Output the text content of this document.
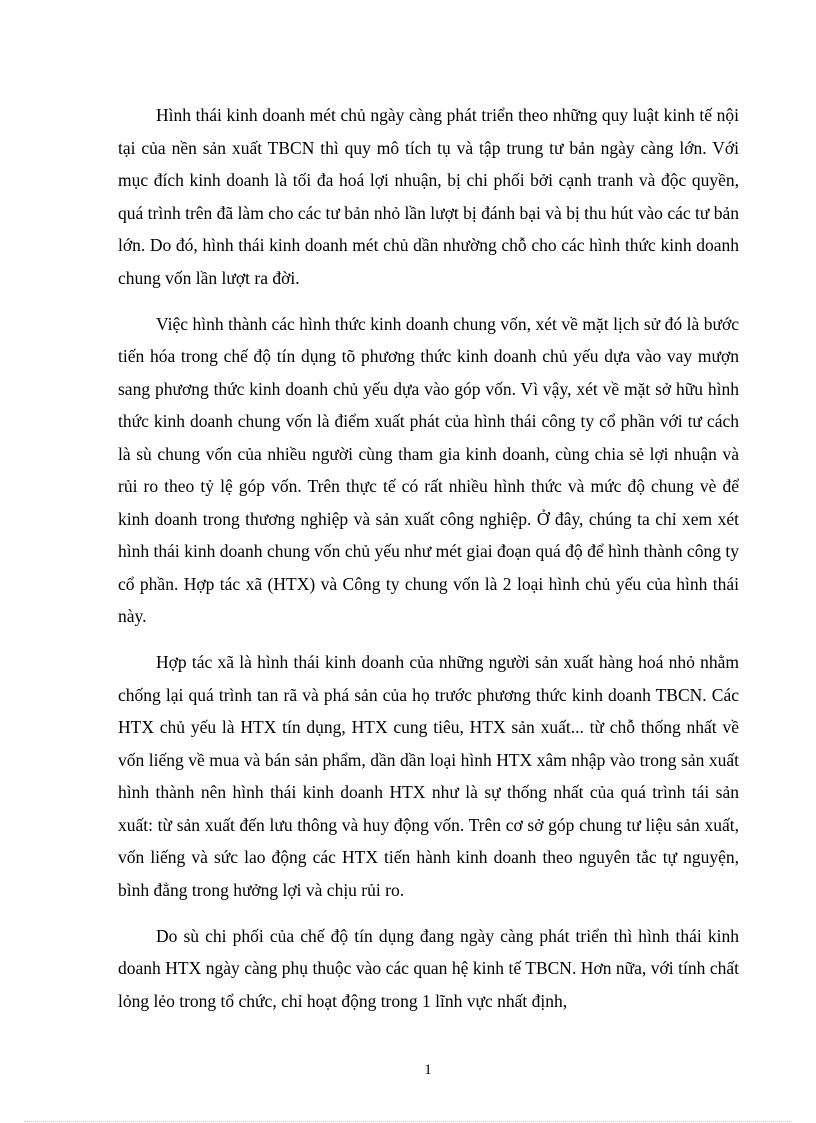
Hình thái kinh doanh mét chủ ngày càng phát triển theo những quy luật kinh tế nội tại của nền sản xuất TBCN thì quy mô tích tụ và tập trung tư bản ngày càng lớn. Với mục đích kinh doanh là tối đa hoá lợi nhuận, bị chi phối bởi cạnh tranh và độc quyền, quá trình trên đã làm cho các tư bản nhỏ lần lượt bị đánh bại và bị thu hút vào các tư bản lớn. Do đó, hình thái kinh doanh mét chủ dần nhường chỗ cho các hình thức kinh doanh chung vốn lần lượt ra đời.

Việc hình thành các hình thức kinh doanh chung vốn, xét về mặt lịch sử đó là bước tiến hóa trong chế độ tín dụng tõ phương thức kinh doanh chủ yếu dựa vào vay mượn sang phương thức kinh doanh chủ yếu dựa vào góp vốn. Vì vậy, xét về mặt sở hữu hình thức kinh doanh chung vốn là điểm xuất phát của hình thái công ty cổ phần với tư cách là sù chung vốn của nhiều người cùng tham gia kinh doanh, cùng chia sẻ lợi nhuận và rủi ro theo tỷ lệ góp vốn. Trên thực tế có rất nhiều hình thức và mức độ chung vè để kinh doanh trong thương nghiệp và sản xuất công nghiệp. Ở đây, chúng ta chỉ xem xét hình thái kinh doanh chung vốn chủ yếu như mét giai đoạn quá độ để hình thành công ty cổ phần. Hợp tác xã (HTX) và Công ty chung vốn là 2 loại hình chủ yếu của hình thái này.

Hợp tác xã là hình thái kinh doanh của những người sản xuất hàng hoá nhỏ nhằm chống lại quá trình tan rã và phá sản của họ trước phương thức kinh doanh TBCN. Các HTX chủ yếu là HTX tín dụng, HTX cung tiêu, HTX sản xuất... từ chỗ thống nhất về vốn liếng về mua và bán sản phẩm, dần dần loại hình HTX xâm nhập vào trong sản xuất hình thành nên hình thái kinh doanh HTX như là sự thống nhất của quá trình tái sản xuất: từ sản xuất đến lưu thông và huy động vốn. Trên cơ sở góp chung tư liệu sản xuất, vốn liếng và sức lao động các HTX tiến hành kinh doanh theo nguyên tắc tự nguyện, bình đẳng trong hưởng lợi và chịu rủi ro.

Do sù chi phối của chế độ tín dụng đang ngày càng phát triển thì hình thái kinh doanh HTX ngày càng phụ thuộc vào các quan hệ kinh tế TBCN. Hơn nữa, với tính chất lỏng lẻo trong tổ chức, chỉ hoạt động trong 1 lĩnh vực nhất định,

1
